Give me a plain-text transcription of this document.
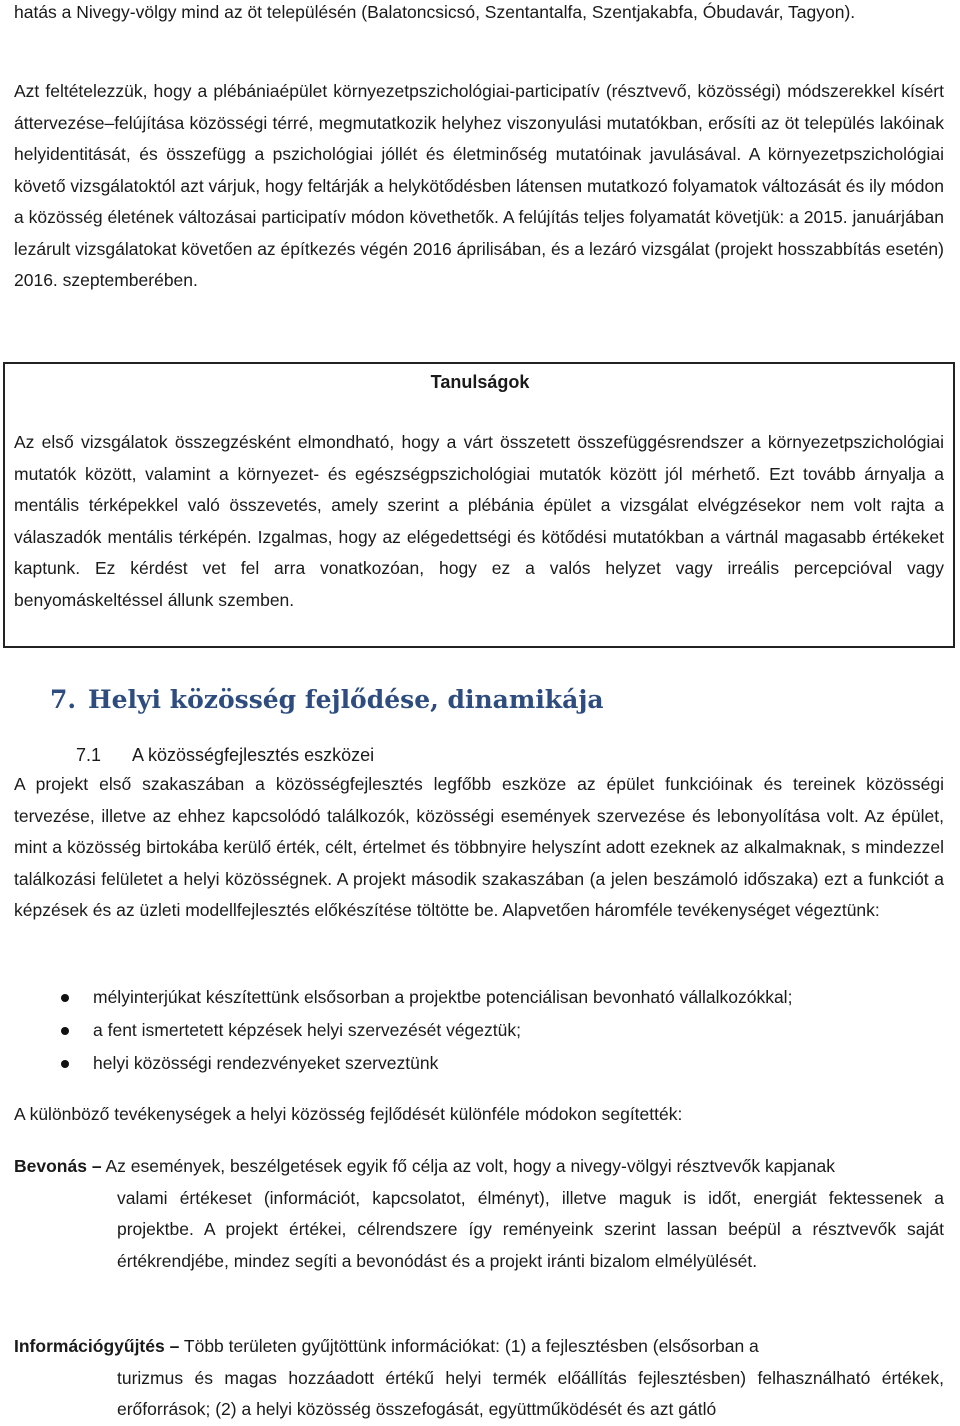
hatás a Nivegy-völgy mind az öt településén (Balatoncsicsó, Szentantalfa, Szentjakabfa, Óbudavár, Tagyon).

Azt feltételezzük, hogy a plébániaépület környezetpszichológiai-participatív (résztvevő, közösségi) módszerekkel kísért áttervezése–felújítása közösségi térré, megmutatkozik helyhez viszonyulási mutatókban, erősíti az öt település lakóinak helyidentitását, és összefügg a pszichológiai jóllét és életminőség mutatóinak javulásával. A környezetpszichológiai követő vizsgálatoktól azt várjuk, hogy feltárják a helykötődésben látensen mutatkozó folyamatok változását és ily módon a közösség életének változásai participatív módon követhetők. A felújítás teljes folyamatát követjük: a 2015. januárjában lezárult vizsgálatokat követően az építkezés végén 2016 áprilisában, és a lezáró vizsgálat (projekt hosszabbítás esetén) 2016. szeptemberében.

Tanulságok

Az első vizsgálatok összegzésként elmondható, hogy a várt összetett összefüggésrendszer a környezetpszichológiai mutatók között, valamint a környezet- és egészségpszichológiai mutatók között jól mérhető. Ezt tovább árnyalja a mentális térképekkel való összevetés, amely szerint a plébánia épület a vizsgálat elvégzésekor nem volt rajta a válaszadók mentális térképén. Izgalmas, hogy az elégedettségi és kötődési mutatókban a vártnál magasabb értékeket kaptunk. Ez kérdést vet fel arra vonatkozóan, hogy ez a valós helyzet vagy irreális percepcióval vagy benyomáskeltéssel állunk szemben.

7. Helyi közösség fejlődése, dinamikája
7.1 A közösségfejlesztés eszközei

A projekt első szakaszában a közösségfejlesztés legfőbb eszköze az épület funkcióinak és tereinek közösségi tervezése, illetve az ehhez kapcsolódó találkozók, közösségi események szervezése és lebonyolítása volt. Az épület, mint a közösség birtokába kerülő érték, célt, értelmet és többnyire helyszínt adott ezeknek az alkalmaknak, s mindezzel találkozási felületet a helyi közösségnek. A projekt második szakaszában (a jelen beszámoló időszaka) ezt a funkciót a képzések és az üzleti modellfejlesztés előkészítése töltötte be. Alapvetően háromféle tevékenységet végeztünk:

mélyinterjúkat készítettünk elsősorban a projektbe potenciálisan bevonható vállalkozókkal;
a fent ismertetett képzések helyi szervezését végeztük;
helyi közösségi rendezvényeket szerveztünk

A különböző tevékenységek a helyi közösség fejlődését különféle módokon segítették:

Bevonás – Az események, beszélgetések egyik fő célja az volt, hogy a nivegy-völgyi résztvevők kapjanak
valami értékeset (információt, kapcsolatot, élményt), illetve maguk is időt, energiát fektessenek a projektbe. A projekt értékei, célrendszere így reményeink szerint lassan beépül a résztvevők saját értékrendjébe, mindez segíti a bevonódást és a projekt iránti bizalom elmélyülését.
Információgyűjtés – Több területen gyűjtöttünk információkat: (1) a fejlesztésben (elsősorban a
turizmus és magas hozzáadott értékű helyi termék előállítás fejlesztésben) felhasználható értékek, erőforrások; (2) a helyi közösség összefogását, együttműködését és azt gátló
